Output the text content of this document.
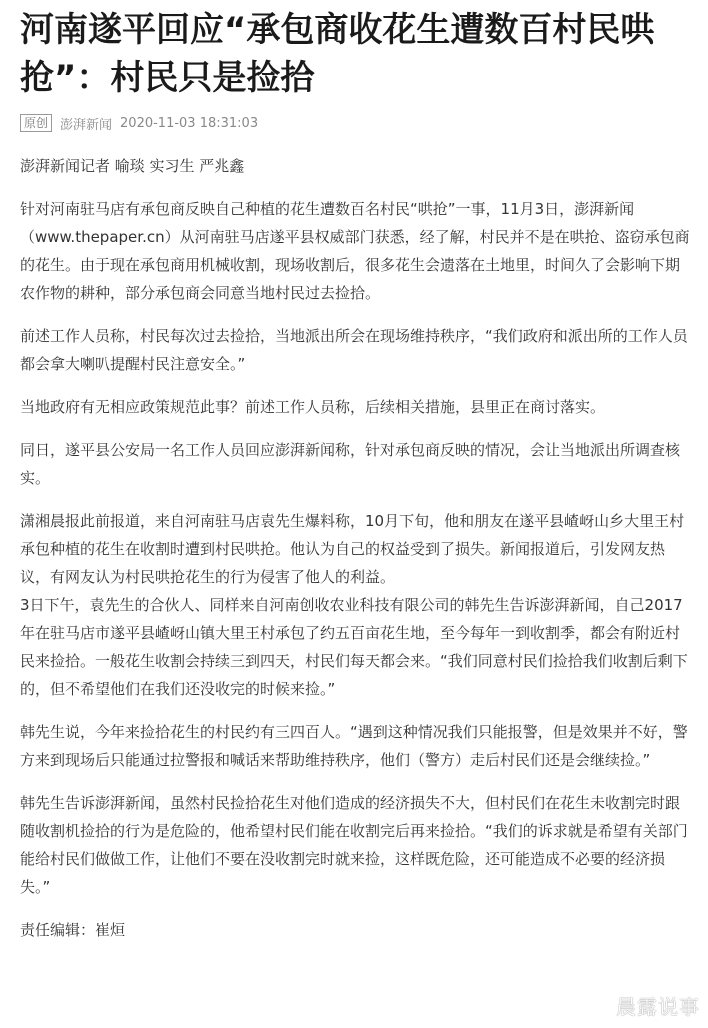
河南遂平回应“承包商收花生遭数百村民哄抢”：村民只是捡拾
原创 澎湃新闻 2020-11-03 18:31:03

澎湃新闻记者 喻琰 实习生 严兆鑫

针对河南驻马店有承包商反映自己种植的花生遭数百名村民“哄抢”一事，11月3日，澎湃新闻（www.thepaper.cn）从河南驻马店遂平县权威部门获悉，经了解，村民并不是在哄抢、盗窃承包商的花生。由于现在承包商用机械收割，现场收割后，很多花生会遗落在土地里，时间久了会影响下期农作物的耕种，部分承包商会同意当地村民过去捡拾。

前述工作人员称，村民每次过去捡拾，当地派出所会在现场维持秩序，“我们政府和派出所的工作人员都会拿大喇叭提醒村民注意安全。”

当地政府有无相应政策规范此事？前述工作人员称，后续相关措施，县里正在商讨落实。

同日，遂平县公安局一名工作人员回应澎湃新闻称，针对承包商反映的情况，会让当地派出所调查核实。

潇湘晨报此前报道，来自河南驻马店袁先生爆料称，10月下旬，他和朋友在遂平县嵖岈山乡大里王村承包种植的花生在收割时遭到村民哄抢。他认为自己的权益受到了损失。新闻报道后，引发网友热议，有网友认为村民哄抢花生的行为侵害了他人的利益。

3日下午，袁先生的合伙人、同样来自河南创收农业科技有限公司的韩先生告诉澎湃新闻，自己2017年在驻马店市遂平县嵖岈山镇大里王村承包了约五百亩花生地，至今每年一到收割季，都会有附近村民来捡拾。一般花生收割会持续三到四天，村民们每天都会来。“我们同意村民们捡拾我们收割后剩下的，但不希望他们在我们还没收完的时候来捡。”

韩先生说，今年来捡拾花生的村民约有三四百人。“遇到这种情况我们只能报警，但是效果并不好，警方来到现场后只能通过拉警报和喊话来帮助维持秩序，他们（警方）走后村民们还是会继续捡。”

韩先生告诉澎湃新闻，虽然村民捡拾花生对他们造成的经济损失不大，但村民们在花生未收割完时跟随收割机捡拾的行为是危险的，他希望村民们能在收割完后再来捡拾。“我们的诉求就是希望有关部门能给村民们做做工作，让他们不要在没收割完时就来捡，这样既危险，还可能造成不必要的经济损失。”

责任编辑：崔烜

晨露说事
